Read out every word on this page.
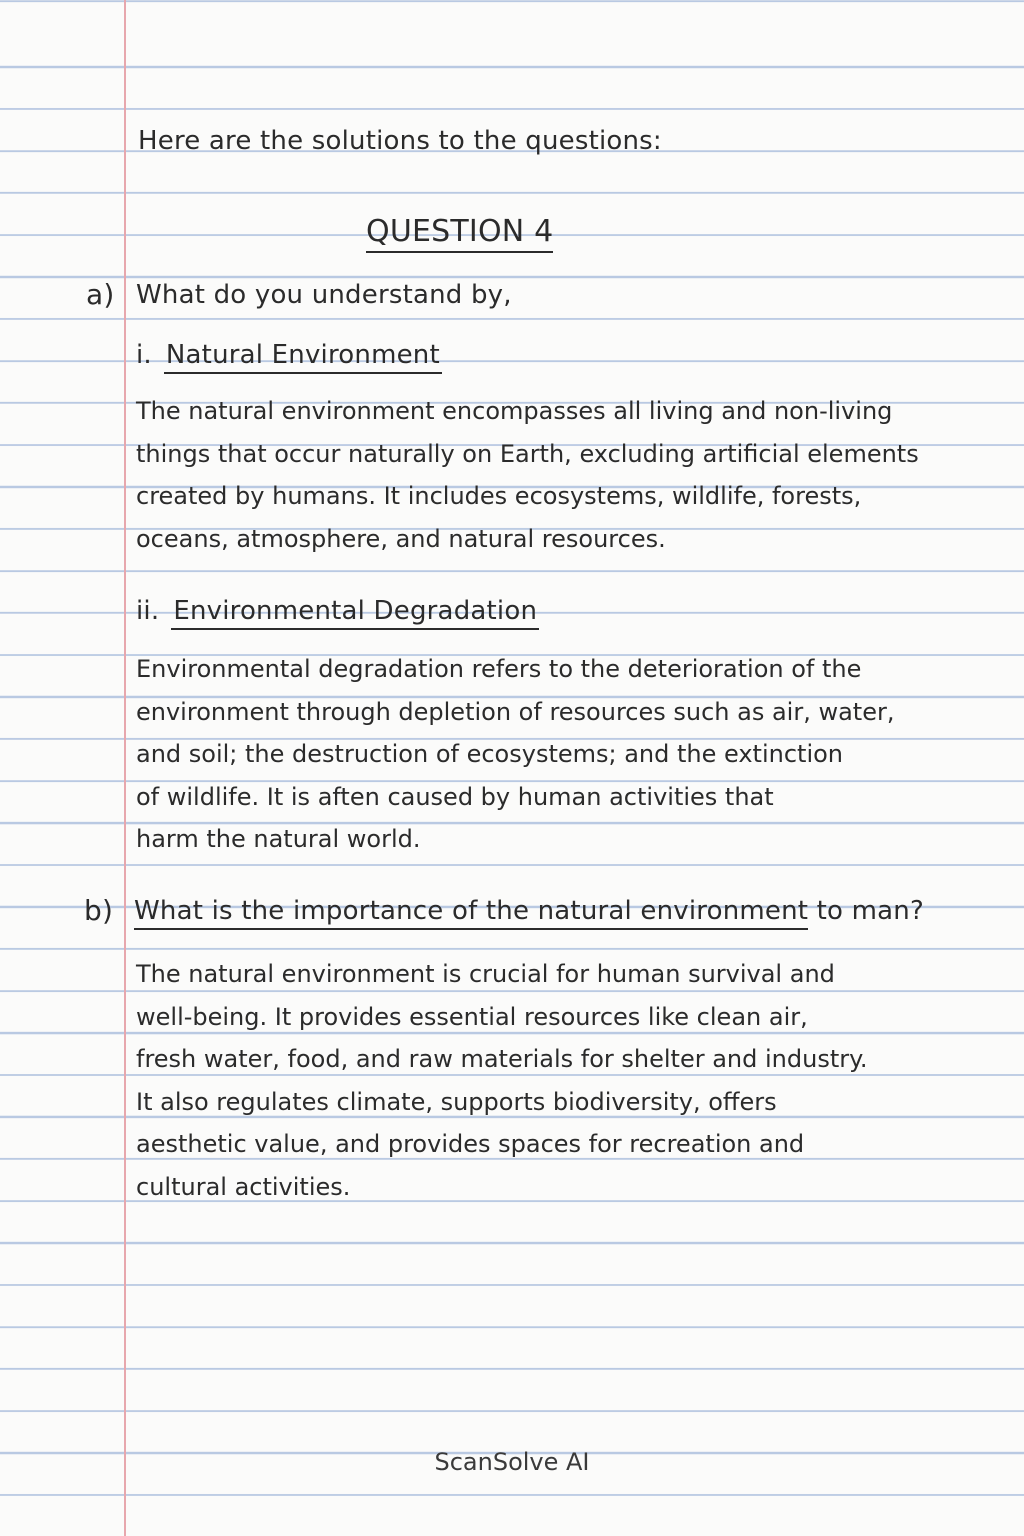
Here are the solutions to the questions:

QUESTION 4

a) What do you understand by,

i. Natural Environment

The natural environment encompasses all living and non-living
things that occur naturally on Earth, excluding artificial elements
created by humans. It includes ecosystems, wildlife, forests,
oceans, atmosphere, and natural resources.

ii. Environmental Degradation

Environmental degradation refers to the deterioration of the
environment through depletion of resources such as air, water,
and soil; the destruction of ecosystems; and the extinction
of wildlife. It is aften caused by human activities that
harm the natural world.
b) What is the importance of the natural environment to man?

The natural environment is crucial for human survival and
well-being. It provides essential resources like clean air,
fresh water, food, and raw materials for shelter and industry.
It also regulates climate, supports biodiversity, offers
aesthetic value, and provides spaces for recreation and
cultural activities.
ScanSolve AI
